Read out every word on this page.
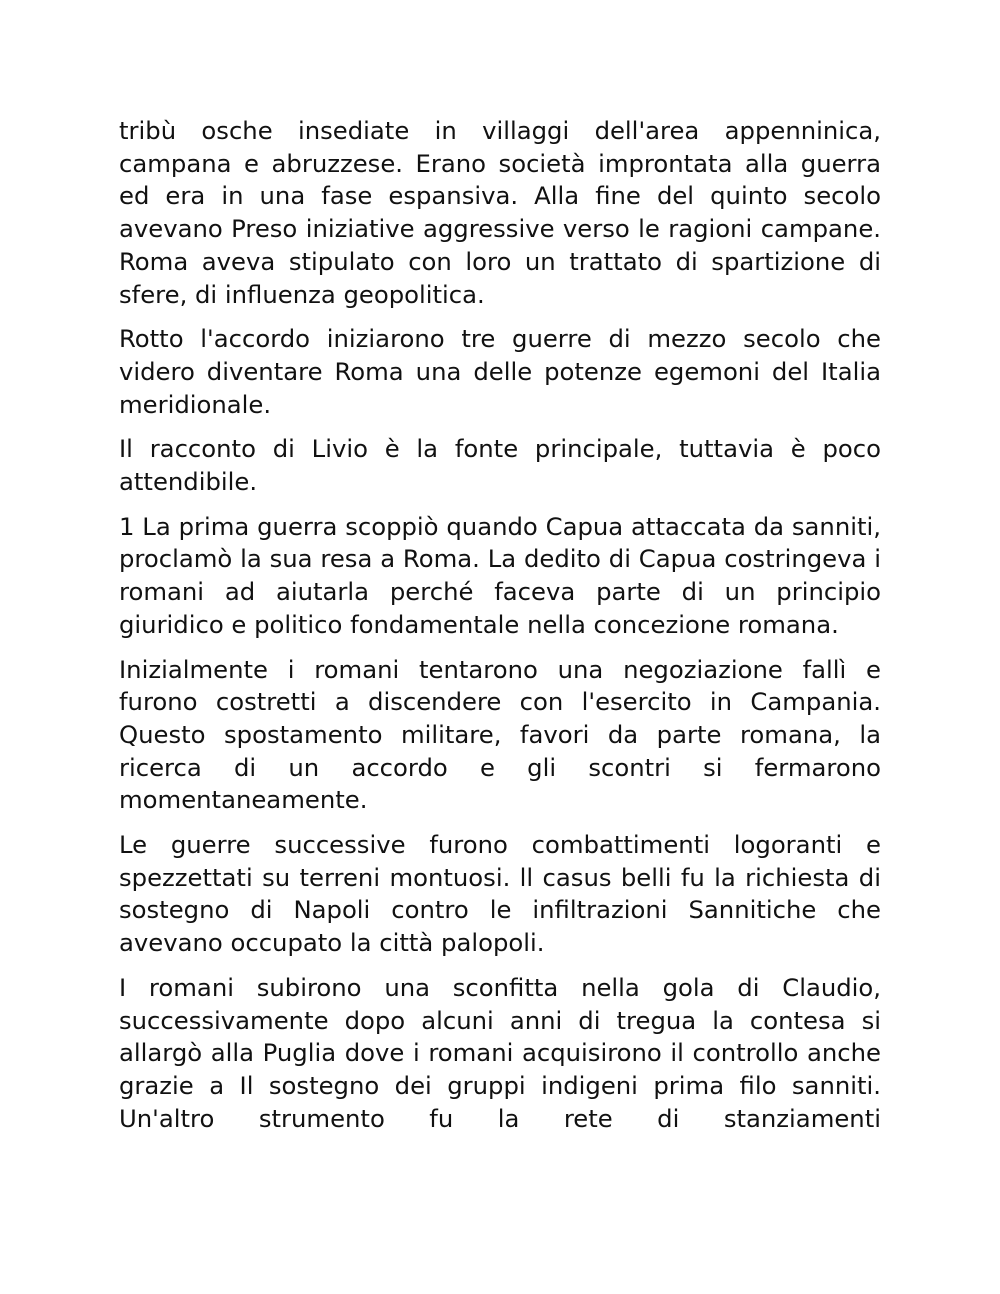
tribù osche insediate in villaggi dell'area appenninica, campana e abruzzese. Erano società improntata alla guerra ed era in una fase espansiva. Alla fine del quinto secolo avevano Preso iniziative aggressive verso le ragioni campane. Roma aveva stipulato con loro un trattato di spartizione di sfere, di influenza geopolitica.

Rotto l'accordo iniziarono tre guerre di mezzo secolo che videro diventare Roma una delle potenze egemoni del Italia meridionale.

Il racconto di Livio è la fonte principale, tuttavia è poco attendibile.

1 La prima guerra scoppiò quando Capua attaccata da sanniti, proclamò la sua resa a Roma. La dedito di Capua costringeva i romani ad aiutarla perché faceva parte di un principio giuridico e politico fondamentale nella concezione romana.

Inizialmente i romani tentarono una negoziazione fallì e furono costretti a discendere con l'esercito in Campania. Questo spostamento militare, favori da parte romana, la ricerca di un accordo e gli scontri si fermarono momentaneamente.

Le guerre successive furono combattimenti logoranti e spezzettati su terreni montuosi. ll casus belli fu la richiesta di sostegno di Napoli contro le infiltrazioni Sannitiche che avevano occupato la città palopoli.

I romani subirono una sconfitta nella gola di Claudio, successivamente dopo alcuni anni di tregua la contesa si allargò alla Puglia dove i romani acquisirono il controllo anche grazie a Il sostegno dei gruppi indigeni prima filo sanniti. Un'altro strumento fu la rete di stanziamenti
